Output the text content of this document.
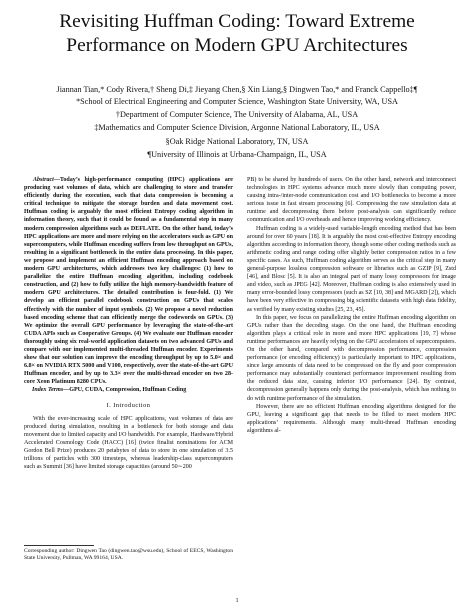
Revisiting Huffman Coding: Toward Extreme
Performance on Modern GPU Architectures
Jiannan Tian,* Cody Rivera,† Sheng Di,‡ Jieyang Chen,§ Xin Liang,§ Dingwen Tao,* and Franck Cappello‡¶
*School of Electrical Engineering and Computer Science, Washington State University, WA, USA
†Department of Computer Science, The University of Alabama, AL, USA
‡Mathematics and Computer Science Division, Argonne National Laboratory, IL, USA
§Oak Ridge National Laboratory, TN, USA
¶University of Illinois at Urbana-Champaign, IL, USA

Abstract—Today’s high-performance computing (HPC) applications are producing vast volumes of data, which are challenging to store and transfer efficiently during the execution, such that data compression is becoming a critical technique to mitigate the storage burden and data movement cost. Huffman coding is arguably the most efficient Entropy coding algorithm in information theory, such that it could be found as a fundamental step in many modern compression algorithms such as DEFLATE. On the other hand, today’s HPC applications are more and more relying on the accelerators such as GPU on supercomputers, while Huffman encoding suffers from low throughput on GPUs, resulting in a significant bottleneck in the entire data processing. In this paper, we propose and implement an efficient Huffman encoding approach based on modern GPU architectures, which addresses two key challenges: (1) how to parallelize the entire Huffman encoding algorithm, including codebook construction, and (2) how to fully utilize the high memory-bandwidth feature of modern GPU architectures. The detailed contribution is four-fold. (1) We develop an efficient parallel codebook construction on GPUs that scales effectively with the number of input symbols. (2) We propose a novel reduction based encoding scheme that can efficiently merge the codewords on GPUs. (3) We optimize the overall GPU performance by leveraging the state-of-the-art CUDA APIs such as Cooperative Groups. (4) We evaluate our Huffman encoder thoroughly using six real-world application datasets on two advanced GPUs and compare with our implemented multi-threaded Huffman encoder. Experiments show that our solution can improve the encoding throughput by up to 5.0× and 6.8× on NVIDIA RTX 5000 and V100, respectively, over the state-of-the-art GPU Huffman encoder, and by up to 3.3× over the multi-thread encoder on two 28-core Xeon Platinum 8280 CPUs.

Index Terms—GPU, CUDA, Compression, Huffman Coding

I. Introduction

With the ever-increasing scale of HPC applications, vast volumes of data are produced during simulation, resulting in a bottleneck for both storage and data movement due to limited capacity and I/O bandwidth. For example, Hardware/Hybrid Accelerated Cosmology Code (HACC) [16] (twice finalist nominations for ACM Gordon Bell Prize) produces 20 petabytes of data to store in one simulation of 3.5 trillions of particles with 300 timesteps, whereas leadership-class supercomputers such as Summit [36] have limited storage capacities (around 50∼200

Corresponding author: Dingwen Tao (dingwen.tao@wsu.edu), School of EECS, Washington State University, Pullman, WA 99164, USA.

PB) to be shared by hundreds of users. On the other hand, network and interconnect technologies in HPC systems advance much more slowly than computing power, causing intra-/inter-node communication cost and I/O bottlenecks to become a more serious issue in fast stream processing [6]. Compressing the raw simulation data at runtime and decompressing them before post-analysis can significantly reduce communication and I/O overheads and hence improving working efficiency.

Huffman coding is a widely-used variable-length encoding method that has been around for over 60 years [18]. It is arguably the most cost-effective Entropy encoding algorithm according to information theory, though some other coding methods such as arithmetic coding and range coding offer slightly better compression ratios in a few specific cases. As such, Huffman coding algorithm serves as the critical step in many general-purpose lossless compression software or libraries such as GZIP [9], Zstd [46], and Blosc [5]. It is also an integral part of many lossy compressors for image and video, such as JPEG [42]. Moreover, Huffman coding is also extensively used in many error-bounded lossy compressors (such as SZ [10, 38] and MGARD [2]), which have been very effective in compressing big scientific datasets with high data fidelity, as verified by many existing studies [25, 23, 45].

In this paper, we focus on parallelizing the entire Huffman encoding algorithm on GPUs rather than the decoding stage. On the one hand, the Huffman encoding algorithm plays a critical role in more and more HPC applications [19, 7] whose runtime performances are heavily relying on the GPU accelerators of supercomputers. On the other hand, compared with decompression performance, compression performance (or encoding efficiency) is particularly important to HPC applications, since large amounts of data need to be compressed on the fly and poor compression performance may substantially counteract performance improvement resulting from the reduced data size, causing inferior I/O performance [24]. By contrast, decompression generally happens only during the post-analysis, which has nothing to do with runtime performance of the simulation.

However, there are no efficient Huffman encoding algorithms designed for the GPU, leaving a significant gap that needs to be filled to meet modern HPC applications’ requirements. Although many multi-thread Huffman encoding algorithms al-

1
